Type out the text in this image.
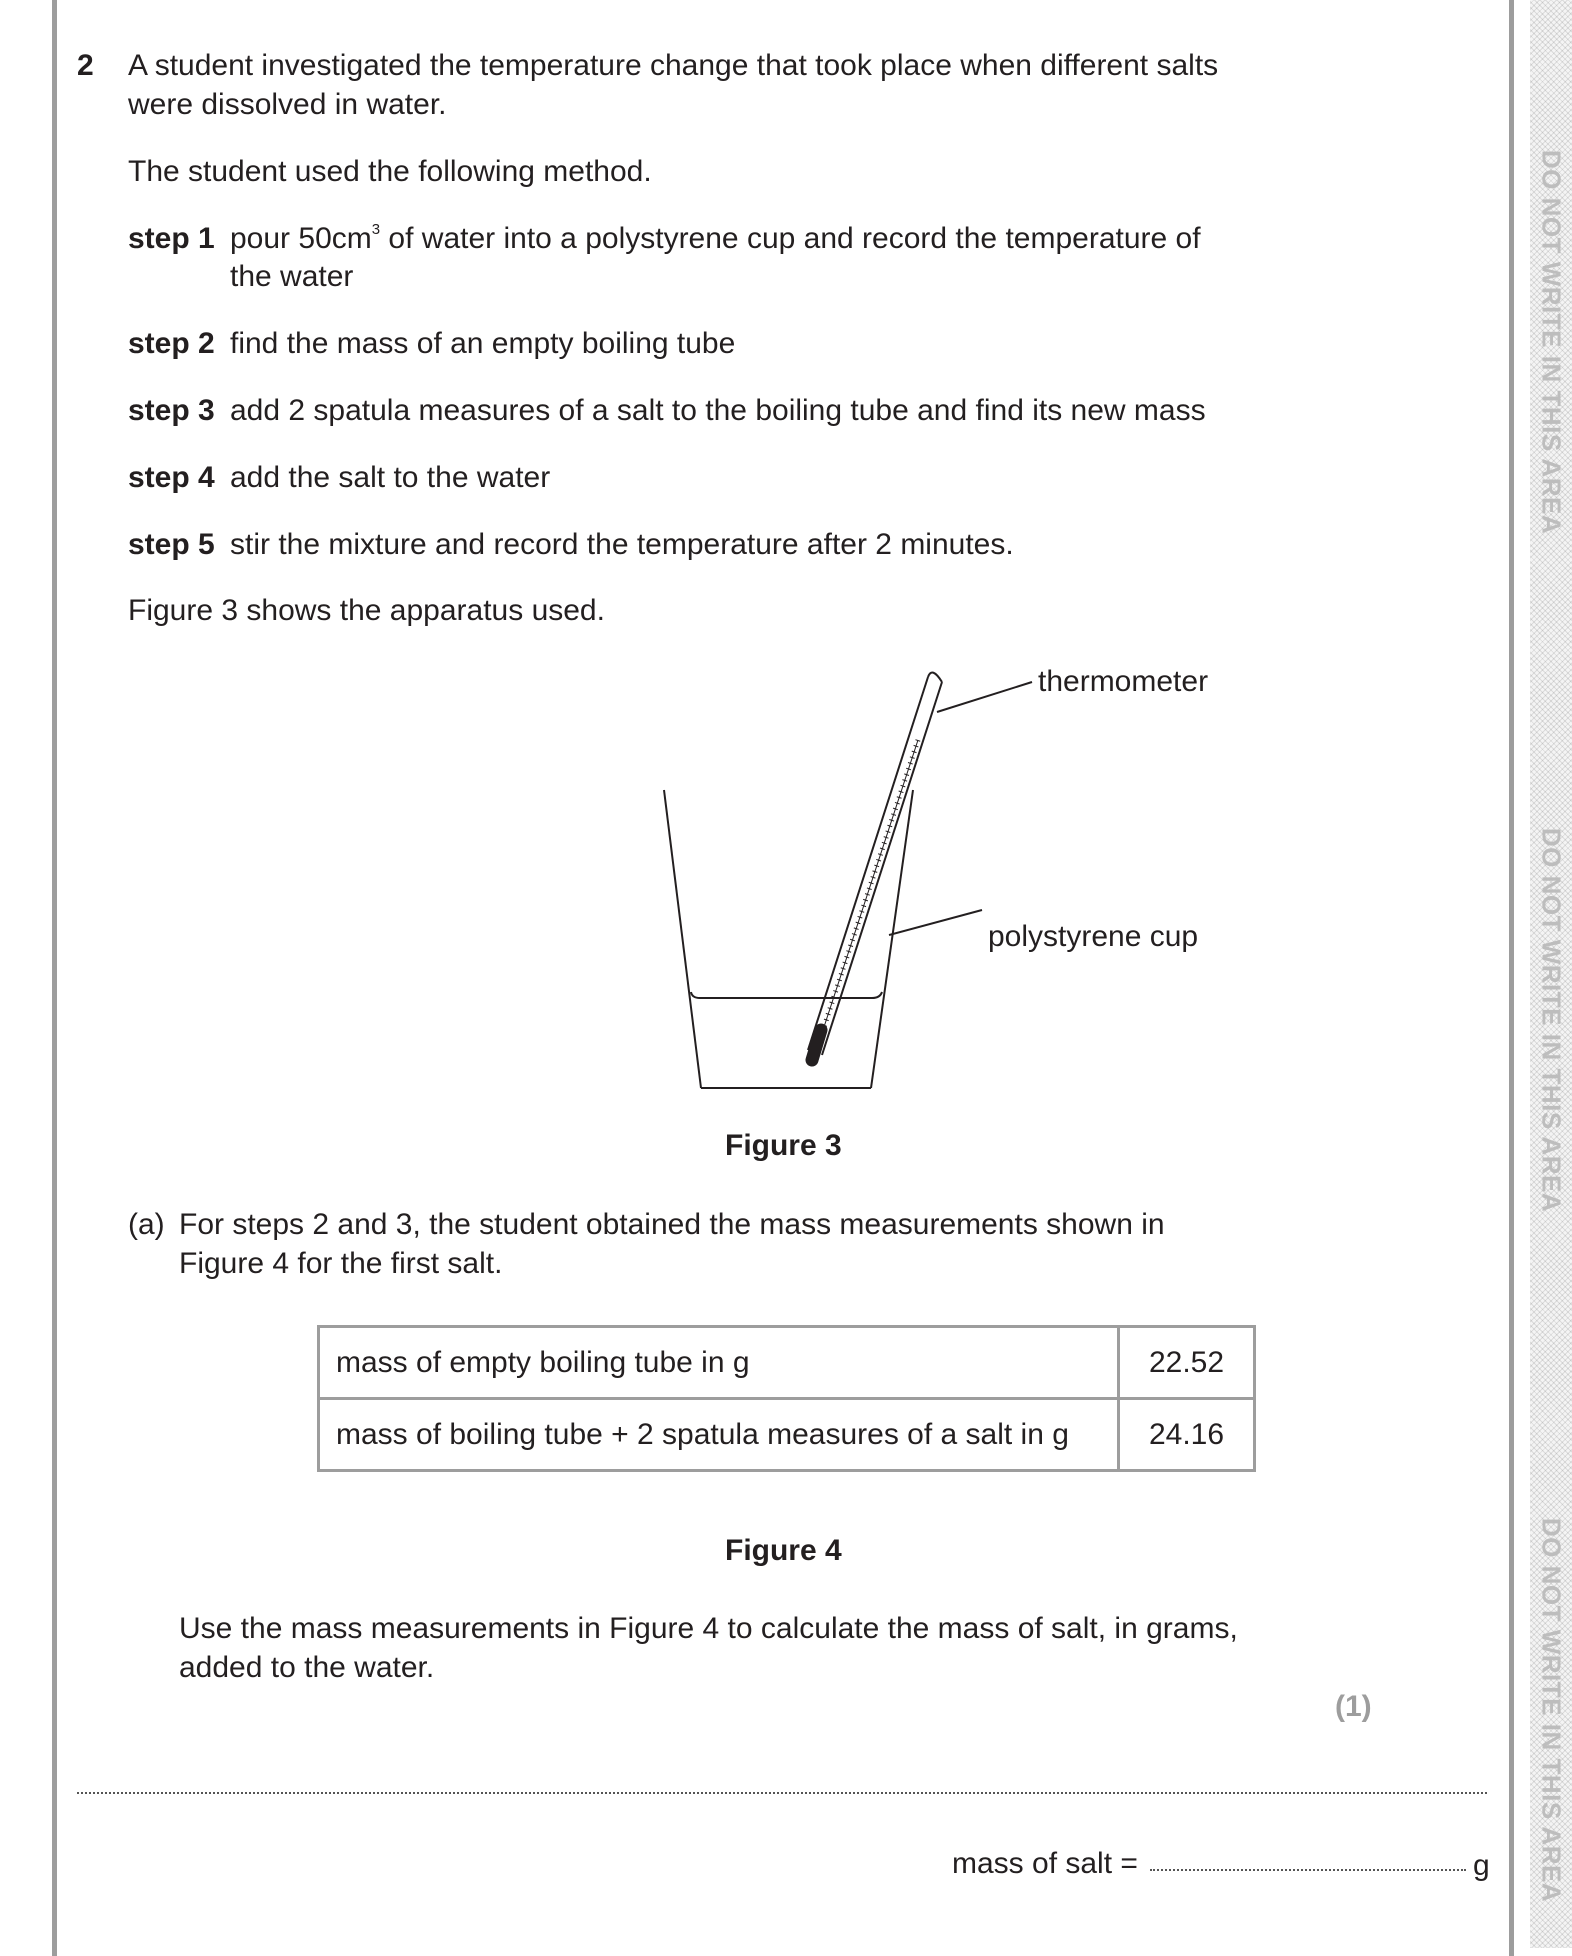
DO NOT WRITE IN THIS AREA
DO NOT WRITE IN THIS AREA
DO NOT WRITE IN THIS AREA
2 A student investigated the temperature change that took place when different salts
were dissolved in water.
The student used the following method.
step 1 pour $50cm^3$ of water into a polystyrene cup and record the temperature of
the water
step 2 find the mass of an empty boiling tube
step 3 add 2 spatula measures of a salt to the boiling tube and find its new mass
step 4 add the salt to the water
step 5 stir the mixture and record the temperature after 2 minutes.
Figure 3 shows the apparatus used.
thermometer
polystyrene cup
Figure 3
(a) For steps 2 and 3, the student obtained the mass measurements shown in
Figure 4 for the first salt.
mass of empty boiling tube in g	22.52
mass of boiling tube + 2 spatula measures of a salt in g	24.16
Figure 4
Use the mass measurements in Figure 4 to calculate the mass of salt, in grams,
added to the water.
(1)
mass of salt =	g
